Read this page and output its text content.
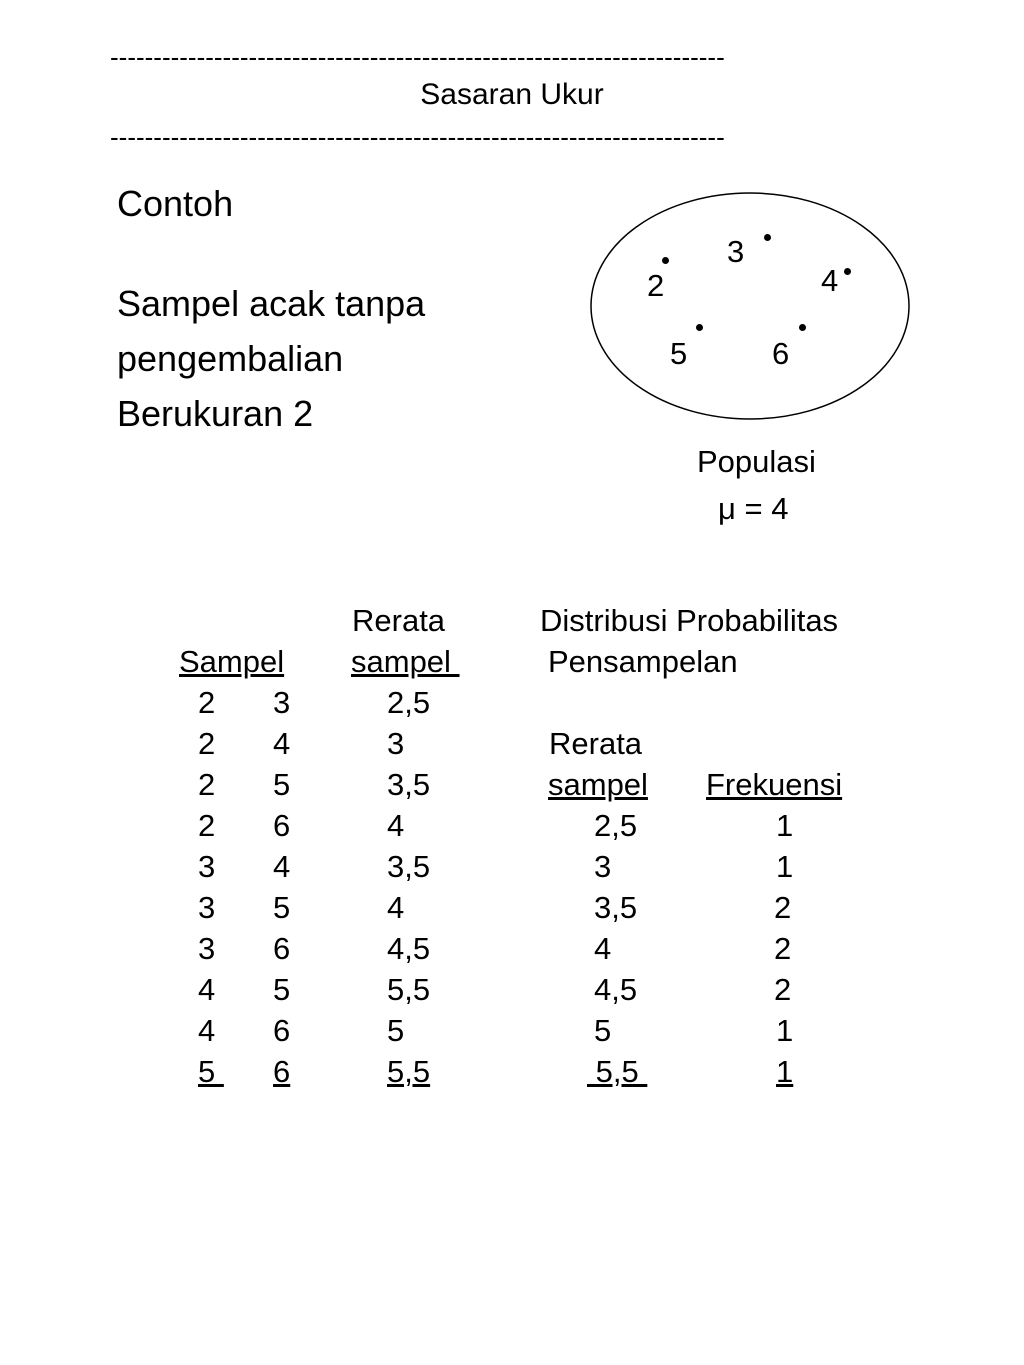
-----------------------------------------------------------------------
Sasaran Ukur
-----------------------------------------------------------------------
Contoh
Sampel acak tanpa
pengembalian
Berukuran 2
3
2	4
5	6
Populasi
μ = 4
Rerata
Sampel sampel
2 3	2,5
2 4	3
2 5	3,5
2 6	4
3 4	3,5
3 5	4
3 6	4,5
4 5	5,5
4 6	5
5 6	5,5
Distribusi Probabilitas
Pensampelan
Rerata
sampel Frekuensi
2,5	1
3	1
3,5	2
4	2
4,5	2
5	1
5,5	1
